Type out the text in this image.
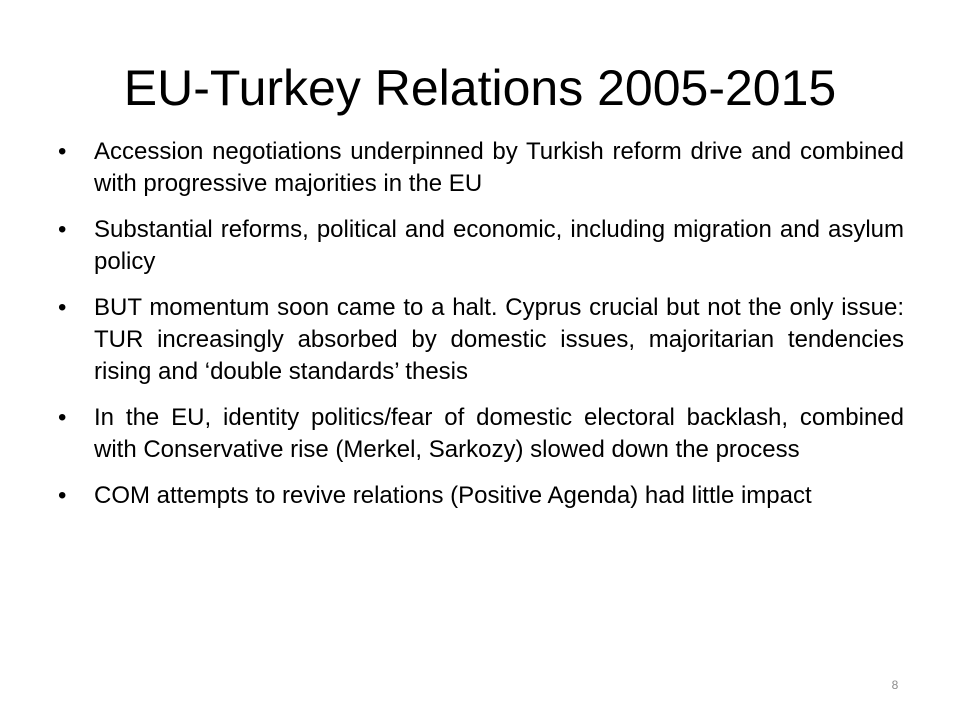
EU-Turkey Relations 2005-2015
•	Accession negotiations underpinned by Turkish reform drive and combined with progressive majorities in the EU
•	Substantial reforms, political and economic, including migration and asylum policy
•	BUT momentum soon came to a halt. Cyprus crucial but not the only issue: TUR increasingly absorbed by domestic issues, majoritarian tendencies rising and ‘double standards’ thesis
•	In the EU, identity politics/fear of domestic electoral backlash, combined with Conservative rise (Merkel, Sarkozy) slowed down the process
•	COM attempts to revive relations (Positive Agenda) had little impact
8
